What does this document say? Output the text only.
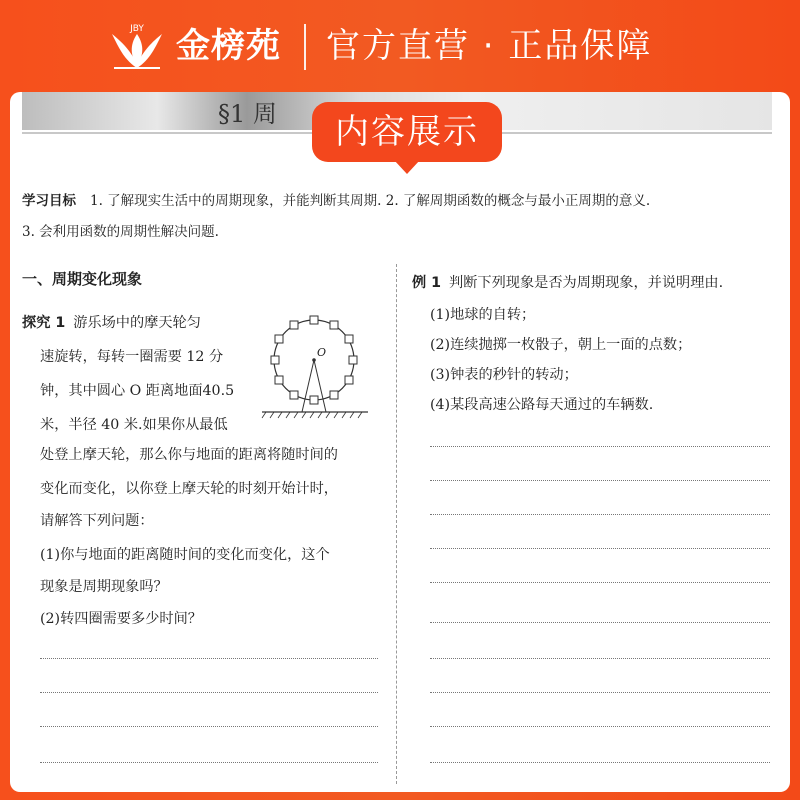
JBY 金榜苑 官方直营 · 正品保障
§1 周	内容展示
学习目标 1. 了解现实生活中的周期现象，并能判断其周期. 2. 了解周期函数的概念与最小正周期的意义.
3. 会利用函数的周期性解决问题.
一、周期变化现象
探究 1 游乐场中的摩天轮匀
速旋转，每转一圈需要 12 分
钟，其中圆心 O 距离地面40.5
米，半径 40 米.如果你从最低
处登上摩天轮，那么你与地面的距离将随时间的
变化而变化，以你登上摩天轮的时刻开始计时，
请解答下列问题：
(1)你与地面的距离随时间的变化而变化，这个
现象是周期现象吗？
(2)转四圈需要多少时间？
O
例 1 判断下列现象是否为周期现象，并说明理由.
(1)地球的自转；
(2)连续抛掷一枚骰子，朝上一面的点数；
(3)钟表的秒针的转动；
(4)某段高速公路每天通过的车辆数.
